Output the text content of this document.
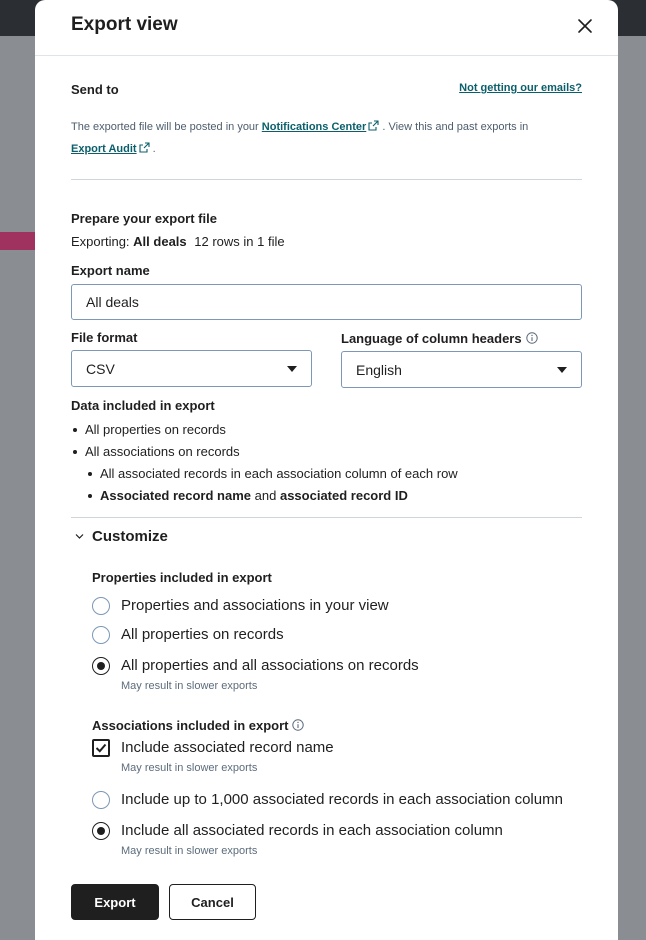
Export view
Send to	Not getting our emails?
The exported file will be posted in your Notifications Center . View this and past exports in
Export Audit .
Prepare your export file
Exporting: All deals 12 rows in 1 file
Export name
All deals
File format
CSV
Language of column headers
English
Data included in export
All properties on records
All associations on records
All associated records in each association column of each row
Associated record name and associated record ID
Customize
Properties included in export
Properties and associations in your view
All properties on records
All properties and all associations on records
May result in slower exports
Associations included in export
Include associated record name
May result in slower exports
Include up to 1,000 associated records in each association column
Include all associated records in each association column
May result in slower exports
Export	Cancel
